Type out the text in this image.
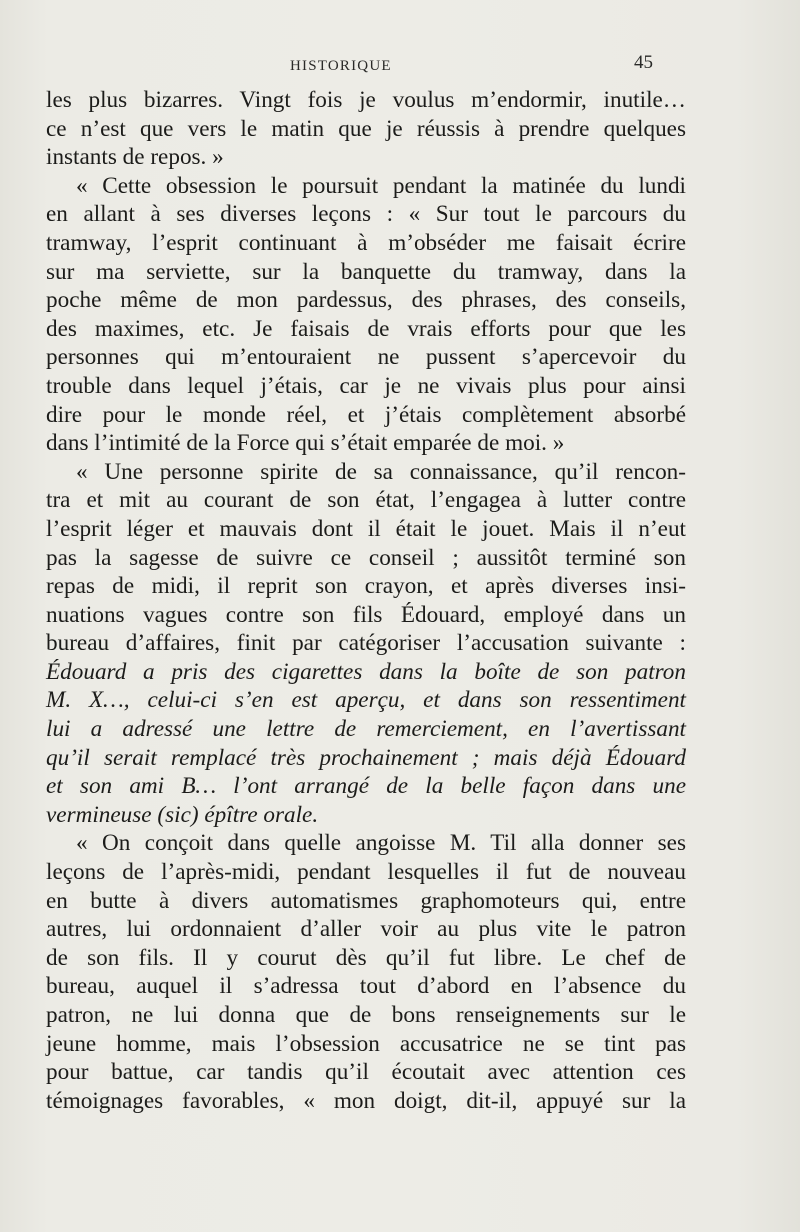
HISTORIQUE	45
les plus bizarres. Vingt fois je voulus m’endormir, inutile…
ce n’est que vers le matin que je réussis à prendre quelques
instants de repos. »
« Cette obsession le poursuit pendant la matinée du lundi
en allant à ses diverses leçons : « Sur tout le parcours du
tramway, l’esprit continuant à m’obséder me faisait écrire
sur ma serviette, sur la banquette du tramway, dans la
poche même de mon pardessus, des phrases, des conseils,
des maximes, etc. Je faisais de vrais efforts pour que les
personnes qui m’entouraient ne pussent s’apercevoir du
trouble dans lequel j’étais, car je ne vivais plus pour ainsi
dire pour le monde réel, et j’étais complètement absorbé
dans l’intimité de la Force qui s’était emparée de moi. »
« Une personne spirite de sa connaissance, qu’il rencon-
tra et mit au courant de son état, l’engagea à lutter contre
l’esprit léger et mauvais dont il était le jouet. Mais il n’eut
pas la sagesse de suivre ce conseil ; aussitôt terminé son
repas de midi, il reprit son crayon, et après diverses insi-
nuations vagues contre son fils Édouard, employé dans un
bureau d’affaires, finit par catégoriser l’accusation suivante :
Édouard a pris des cigarettes dans la boîte de son patron
M. X…, celui-ci s’en est aperçu, et dans son ressentiment
lui a adressé une lettre de remerciement, en l’avertissant
qu’il serait remplacé très prochainement ; mais déjà Édouard
et son ami B… l’ont arrangé de la belle façon dans une
vermineuse (sic) épître orale.
« On conçoit dans quelle angoisse M. Til alla donner ses
leçons de l’après-midi, pendant lesquelles il fut de nouveau
en butte à divers automatismes graphomoteurs qui, entre
autres, lui ordonnaient d’aller voir au plus vite le patron
de son fils. Il y courut dès qu’il fut libre. Le chef de
bureau, auquel il s’adressa tout d’abord en l’absence du
patron, ne lui donna que de bons renseignements sur le
jeune homme, mais l’obsession accusatrice ne se tint pas
pour battue, car tandis qu’il écoutait avec attention ces
témoignages favorables, « mon doigt, dit-il, appuyé sur la
